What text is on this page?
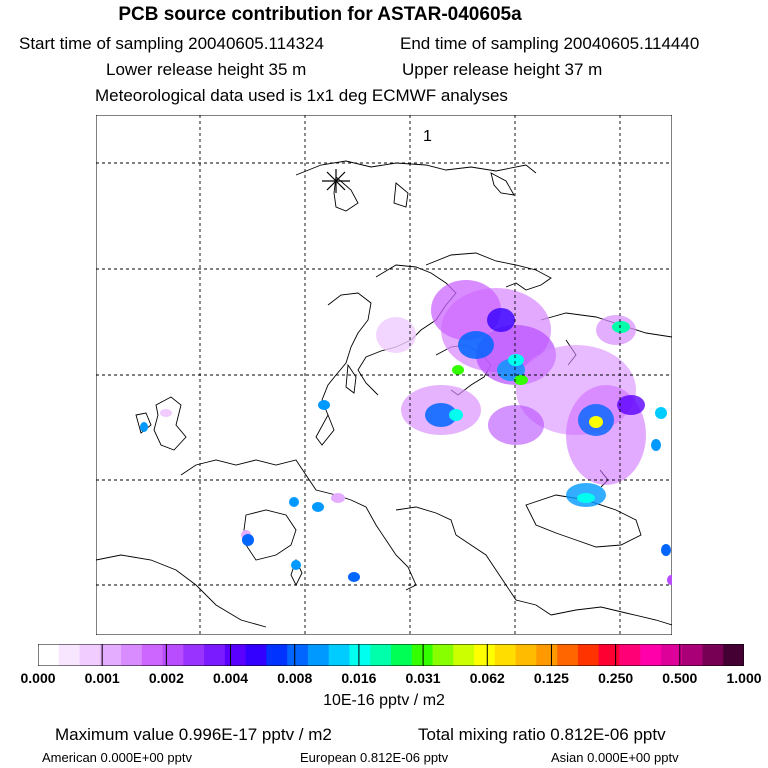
PCB source contribution for ASTAR-040605a
Start time of sampling 20040605.114324	End time of sampling 20040605.114440
Lower release height 35 m	Upper release height 37 m
Meteorological data used is 1x1 deg ECMWF analyses
1
0.000 0.001 0.002 0.004 0.008 0.016 0.031 0.062 0.125 0.250 0.500 1.000
10E-16 pptv / m2
Maximum value 0.996E-17 pptv / m2	Total mixing ratio 0.812E-06 pptv
American 0.000E+00 pptv	European 0.812E-06 pptv	Asian 0.000E+00 pptv
